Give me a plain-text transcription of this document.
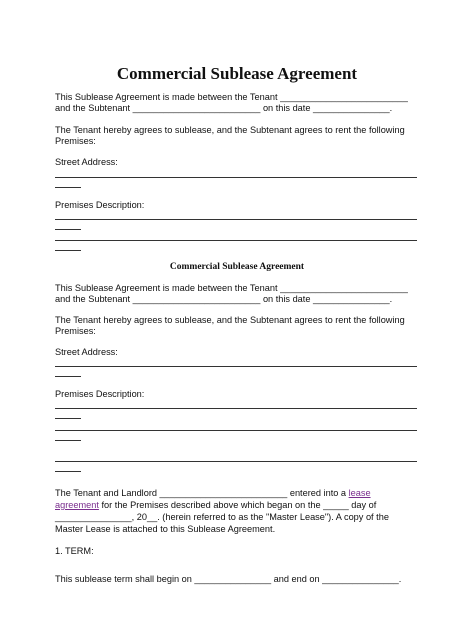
Commercial Sublease Agreement
This Sublease Agreement is made between the Tenant _________________________
and the Subtenant _________________________ on this date _______________.
The Tenant hereby agrees to sublease, and the Subtenant agrees to rent the following
Premises:
Street Address:
Premises Description:
Commercial Sublease Agreement
This Sublease Agreement is made between the Tenant _________________________
and the Subtenant _________________________ on this date _______________.
The Tenant hereby agrees to sublease, and the Subtenant agrees to rent the following
Premises:
Street Address:
Premises Description:
The Tenant and Landlord _________________________ entered into a lease
agreement for the Premises described above which began on the _____ day of
_______________, 20__. (herein referred to as the "Master Lease"). A copy of the
Master Lease is attached to this Sublease Agreement.
1. TERM:
This sublease term shall begin on _______________ and end on _______________.
